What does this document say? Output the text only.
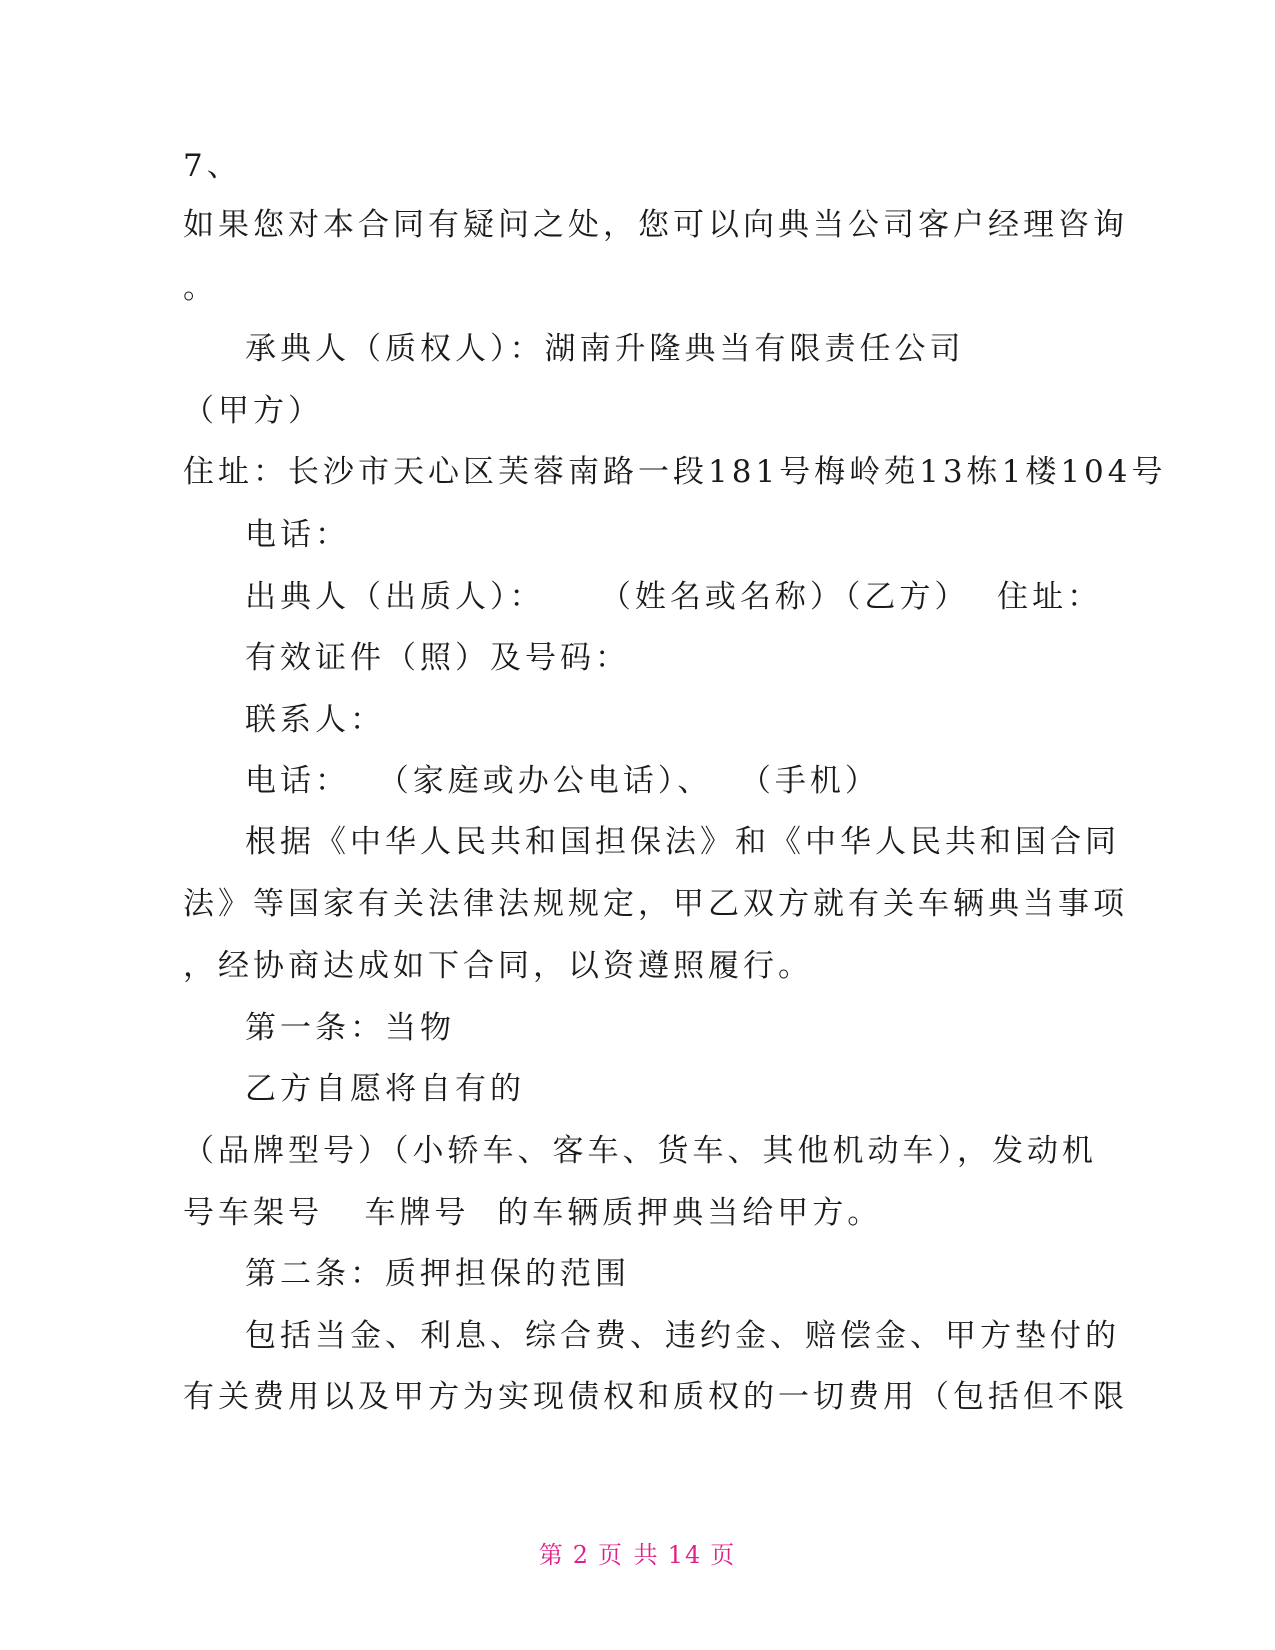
7、
如果您对本合同有疑问之处，您可以向典当公司客户经理咨询
。
承典人（质权人）：湖南升隆典当有限责任公司
（甲方）
住址：长沙市天心区芙蓉南路一段181号梅岭苑13栋1楼104号
电话：
出典人（出质人）：    （姓名或名称）（乙方）  住址：
有效证件（照）及号码：
联系人：
电话：  （家庭或办公电话）、  （手机）
根据《中华人民共和国担保法》和《中华人民共和国合同
法》等国家有关法律法规规定，甲乙双方就有关车辆典当事项
，经协商达成如下合同，以资遵照履行。
第一条：当物
乙方自愿将自有的
（品牌型号）（小轿车、客车、货车、其他机动车），发动机
号车架号   车牌号  的车辆质押典当给甲方。
第二条：质押担保的范围
包括当金、利息、综合费、违约金、赔偿金、甲方垫付的
有关费用以及甲方为实现债权和质权的一切费用（包括但不限
第 2 页 共 14 页
